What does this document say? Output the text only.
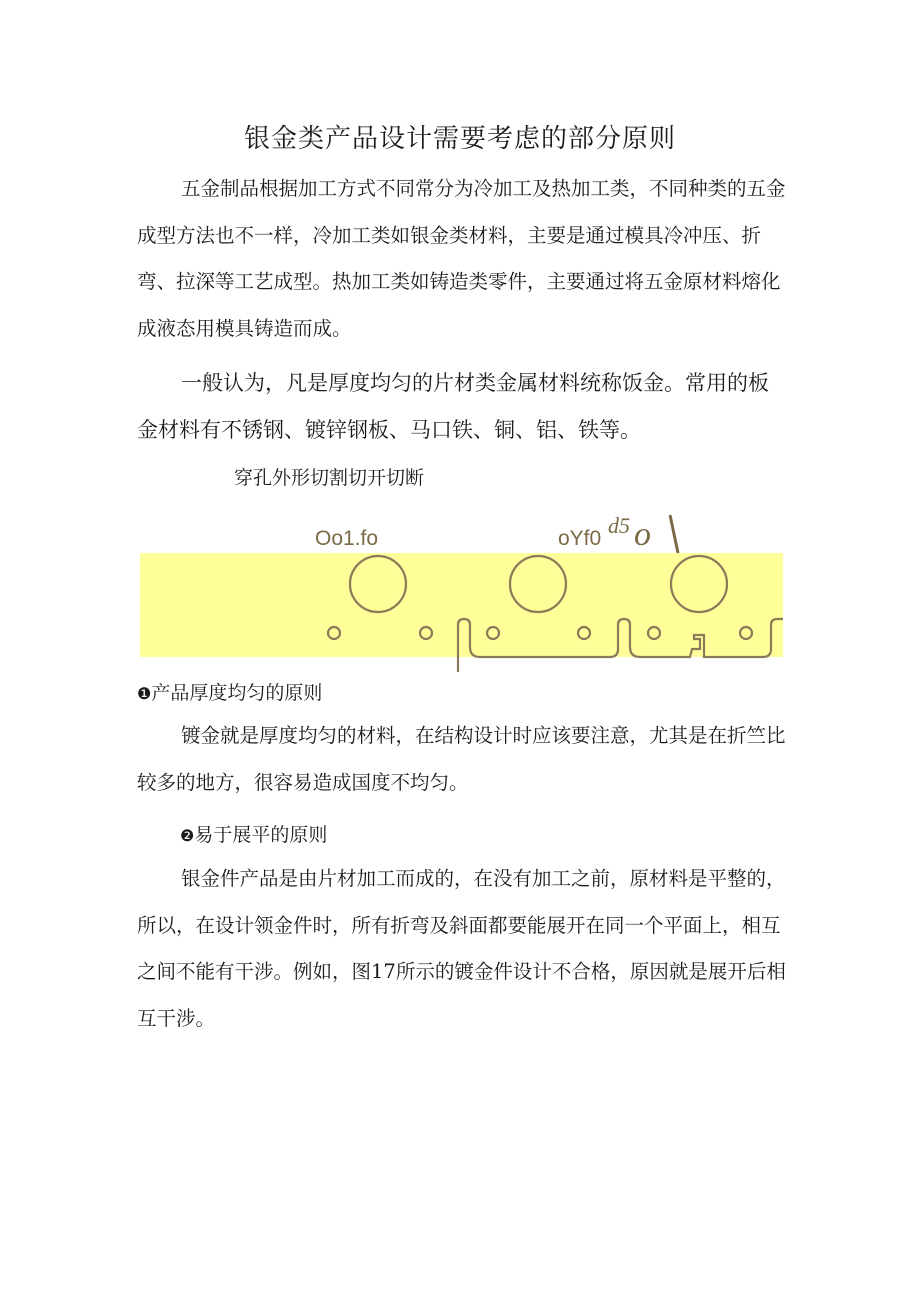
银金类产品设计需要考虑的部分原则
五金制品根据加工方式不同常分为冷加工及热加工类，不同种类的五金成型方法也不一样，冷加工类如银金类材料，主要是通过模具冷冲压、折弯、拉深等工艺成型。热加工类如铸造类零件，主要通过将五金原材料熔化成液态用模具铸造而成。
一般认为，凡是厚度均匀的片材类金属材料统称饭金。常用的板金材料有不锈钢、镀锌钢板、马口铁、铜、铝、铁等。
穿孔外形切割切开切断
Oo1.fo	oYf0
d5 o
❶产品厚度均匀的原则
镀金就是厚度均匀的材料，在结构设计时应该要注意，尤其是在折竺比较多的地方，很容易造成国度不均匀。
❷易于展平的原则
银金件产品是由片材加工而成的，在没有加工之前，原材料是平整的，所以，在设计领金件时，所有折弯及斜面都要能展开在同一个平面上，相互之间不能有干涉。例如，图17所示的镀金件设计不合格，原因就是展开后相互干涉。
